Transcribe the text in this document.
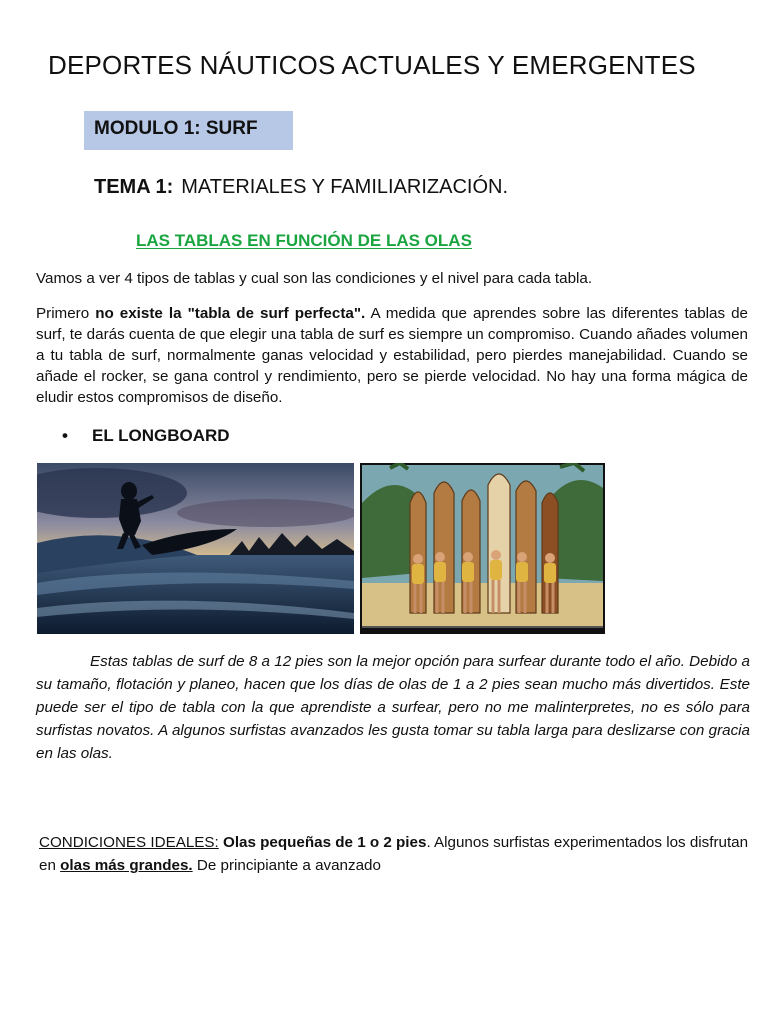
DEPORTES NÁUTICOS ACTUALES Y EMERGENTES
MODULO 1: SURF
TEMA 1: MATERIALES Y FAMILIARIZACIÓN.
LAS TABLAS EN FUNCIÓN DE LAS OLAS

Vamos a ver 4 tipos de tablas y cual son las condiciones y el nivel para cada tabla.

Primero no existe la "tabla de surf perfecta". A medida que aprendes sobre las diferentes tablas de surf, te darás cuenta de que elegir una tabla de surf es siempre un compromiso. Cuando añades volumen a tu tabla de surf, normalmente ganas velocidad y estabilidad, pero pierdes manejabilidad. Cuando se añade el rocker, se gana control y rendimiento, pero se pierde velocidad. No hay una forma mágica de eludir estos compromisos de diseño.

• EL LONGBOARD

Estas tablas de surf de 8 a 12 pies son la mejor opción para surfear durante todo el año. Debido a su tamaño, flotación y planeo, hacen que los días de olas de 1 a 2 pies sean mucho más divertidos. Este puede ser el tipo de tabla con la que aprendiste a surfear, pero no me malinterpretes, no es sólo para surfistas novatos. A algunos surfistas avanzados les gusta tomar su tabla larga para deslizarse con gracia en las olas.

CONDICIONES IDEALES: Olas pequeñas de 1 o 2 pies. Algunos surfistas experimentados los disfrutan en olas más grandes. De principiante a avanzado
